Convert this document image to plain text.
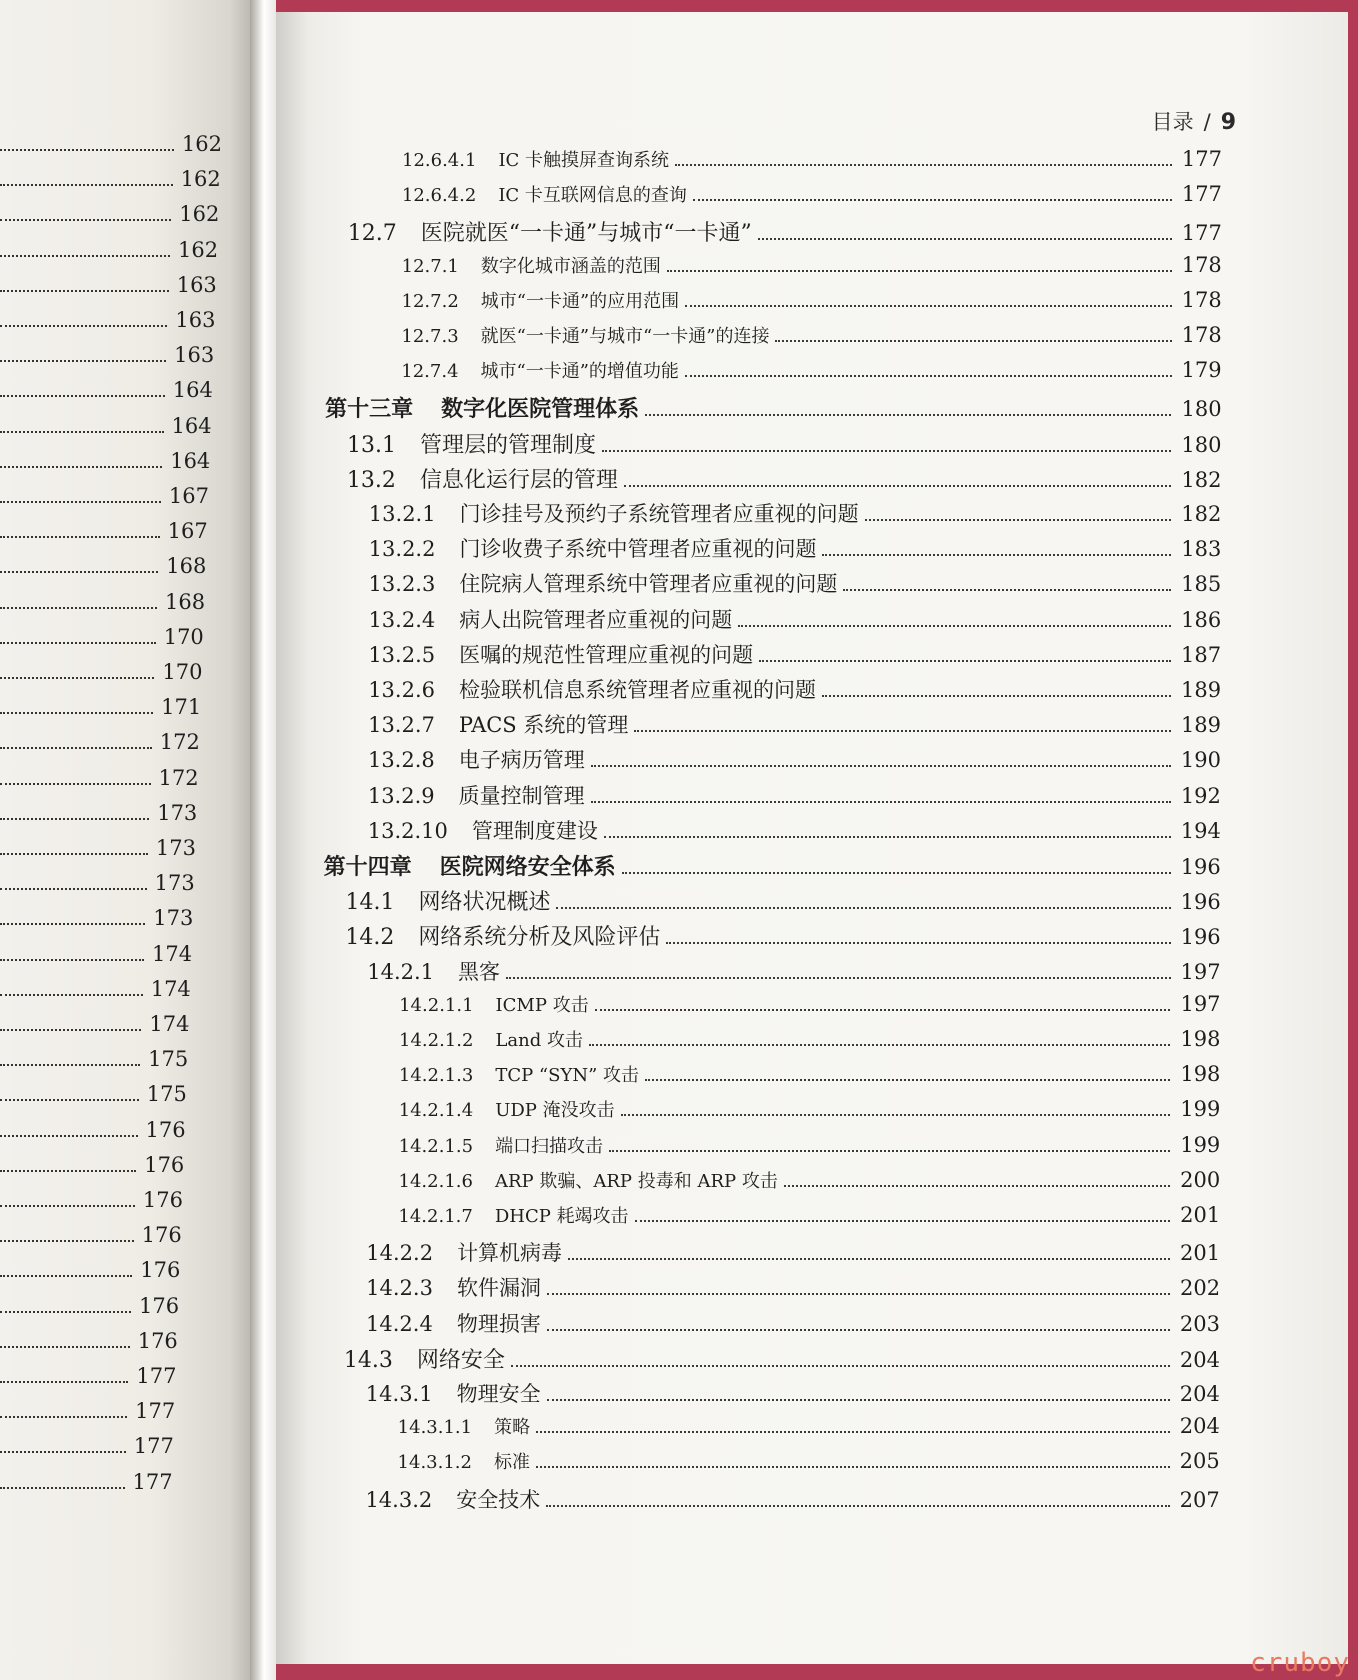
162
162
162
162
163
163
163
164
164
164
167
167
168
168
170
170
171
172
172
173
173
173
173
174
174
174
175
175
176
176
176
176
176
176
176
177
177
177
177
目录 / 9
12.6.4.1 IC 卡触摸屏查询系统	177
12.6.4.2 IC 卡互联网信息的查询	177
12.7 医院就医“一卡通”与城市“一卡通”	177
12.7.1 数字化城市涵盖的范围	178
12.7.2 城市“一卡通”的应用范围	178
12.7.3 就医“一卡通”与城市“一卡通”的连接	178
12.7.4 城市“一卡通”的增值功能	179
第十三章 数字化医院管理体系	180
13.1 管理层的管理制度	180
13.2 信息化运行层的管理	182
13.2.1 门诊挂号及预约子系统管理者应重视的问题	182
13.2.2 门诊收费子系统中管理者应重视的问题	183
13.2.3 住院病人管理系统中管理者应重视的问题	185
13.2.4 病人出院管理者应重视的问题	186
13.2.5 医嘱的规范性管理应重视的问题	187
13.2.6 检验联机信息系统管理者应重视的问题	189
13.2.7 PACS 系统的管理	189
13.2.8 电子病历管理	190
13.2.9 质量控制管理	192
13.2.10 管理制度建设	194
第十四章 医院网络安全体系	196
14.1 网络状况概述	196
14.2 网络系统分析及风险评估	196
14.2.1 黑客	197
14.2.1.1 ICMP 攻击	197
14.2.1.2 Land 攻击	198
14.2.1.3 TCP “SYN” 攻击	198
14.2.1.4 UDP 淹没攻击	199
14.2.1.5 端口扫描攻击	199
14.2.1.6 ARP 欺骗、ARP 投毒和 ARP 攻击	200
14.2.1.7 DHCP 耗竭攻击	201
14.2.2 计算机病毒	201
14.2.3 软件漏洞	202
14.2.4 物理损害	203
14.3 网络安全	204
14.3.1 物理安全	204
14.3.1.1 策略	204
14.3.1.2 标准	205
14.3.2 安全技术	207
cruboy
